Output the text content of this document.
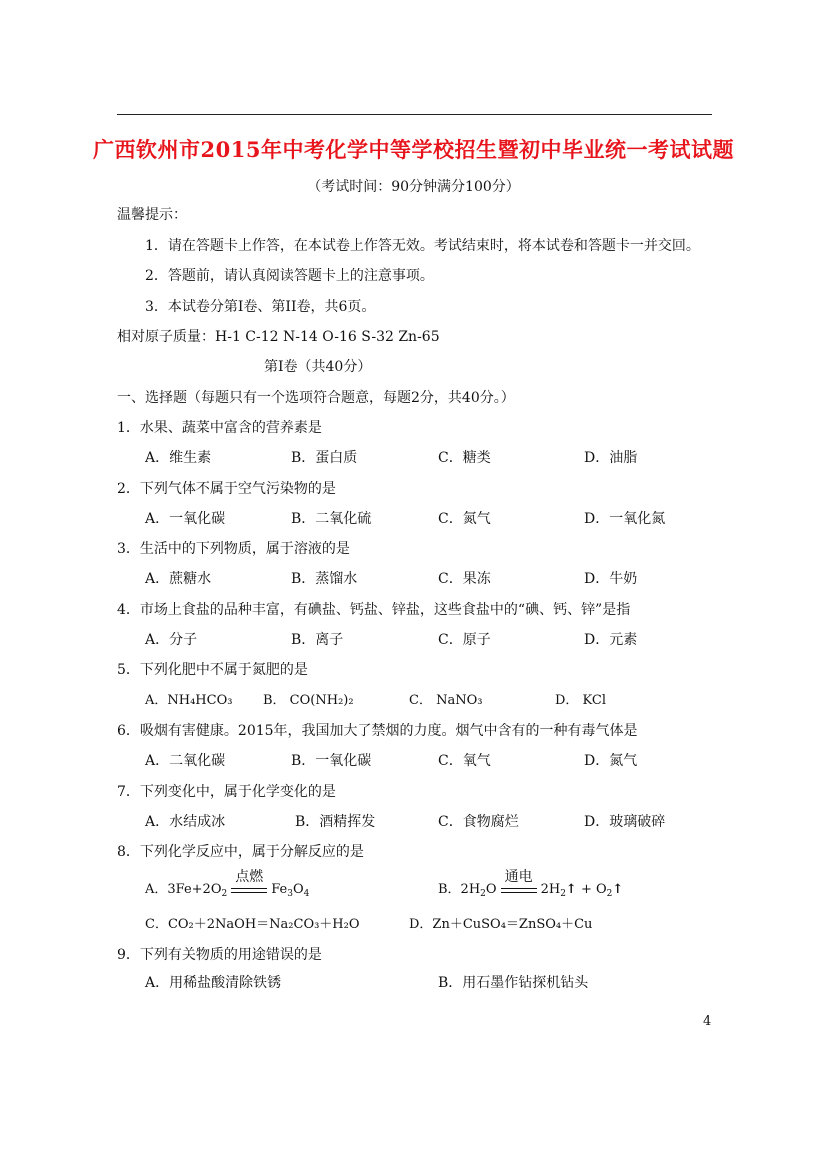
广西钦州市2015年中考化学中等学校招生暨初中毕业统一考试试题
（考试时间：90分钟满分100分）
温馨提示：
1．请在答题卡上作答，在本试卷上作答无效。考试结束时，将本试卷和答题卡一并交回。
2．答题前，请认真阅读答题卡上的注意事项。
3．本试卷分第Ⅰ卷、第II卷，共6页。
相对原子质量：H-1 C-12 N-14 O-16 S-32 Zn-65
第Ⅰ卷（共40分）
一、选择题（每题只有一个选项符合题意，每题2分，共40分。）
1．水果、蔬菜中富含的营养素是
A．维生素	B．蛋白质	C．糖类	D．油脂
2．下列气体不属于空气污染物的是
A．一氧化碳	B．二氧化硫	C．氮气	D．一氧化氮
3．生活中的下列物质，属于溶液的是
A．蔗糖水	B．蒸馏水	C．果冻	D．牛奶
4．市场上食盐的品种丰富，有碘盐、钙盐、锌盐，这些食盐中的“碘、钙、锌”是指
A．分子	B．离子	C．原子	D．元素
5．下列化肥中不属于氮肥的是
A．NH₄HCO₃ B． CO(NH₂)₂	C． NaNO₃	D． KCl
6．吸烟有害健康。2015年，我国加大了禁烟的力度。烟气中含有的一种有毒气体是
A．二氧化碳	B．一氧化碳	C．氧气	D．氮气
7．下列变化中，属于化学变化的是
A．水结成冰	B．酒精挥发	C．食物腐烂	D．玻璃破碎
8．下列化学反应中，属于分解反应的是
A．$3Fe+2O_2$
点燃
$Fe_3O_4$	B．$2H_2O$
通电
$2H_2↑$ + $O_2↑$
C．CO₂＋2NaOH＝Na₂CO₃＋H₂O	D．Zn＋CuSO₄＝ZnSO₄＋Cu
9．下列有关物质的用途错误的是
A．用稀盐酸清除铁锈	B．用石墨作钻探机钻头
4
